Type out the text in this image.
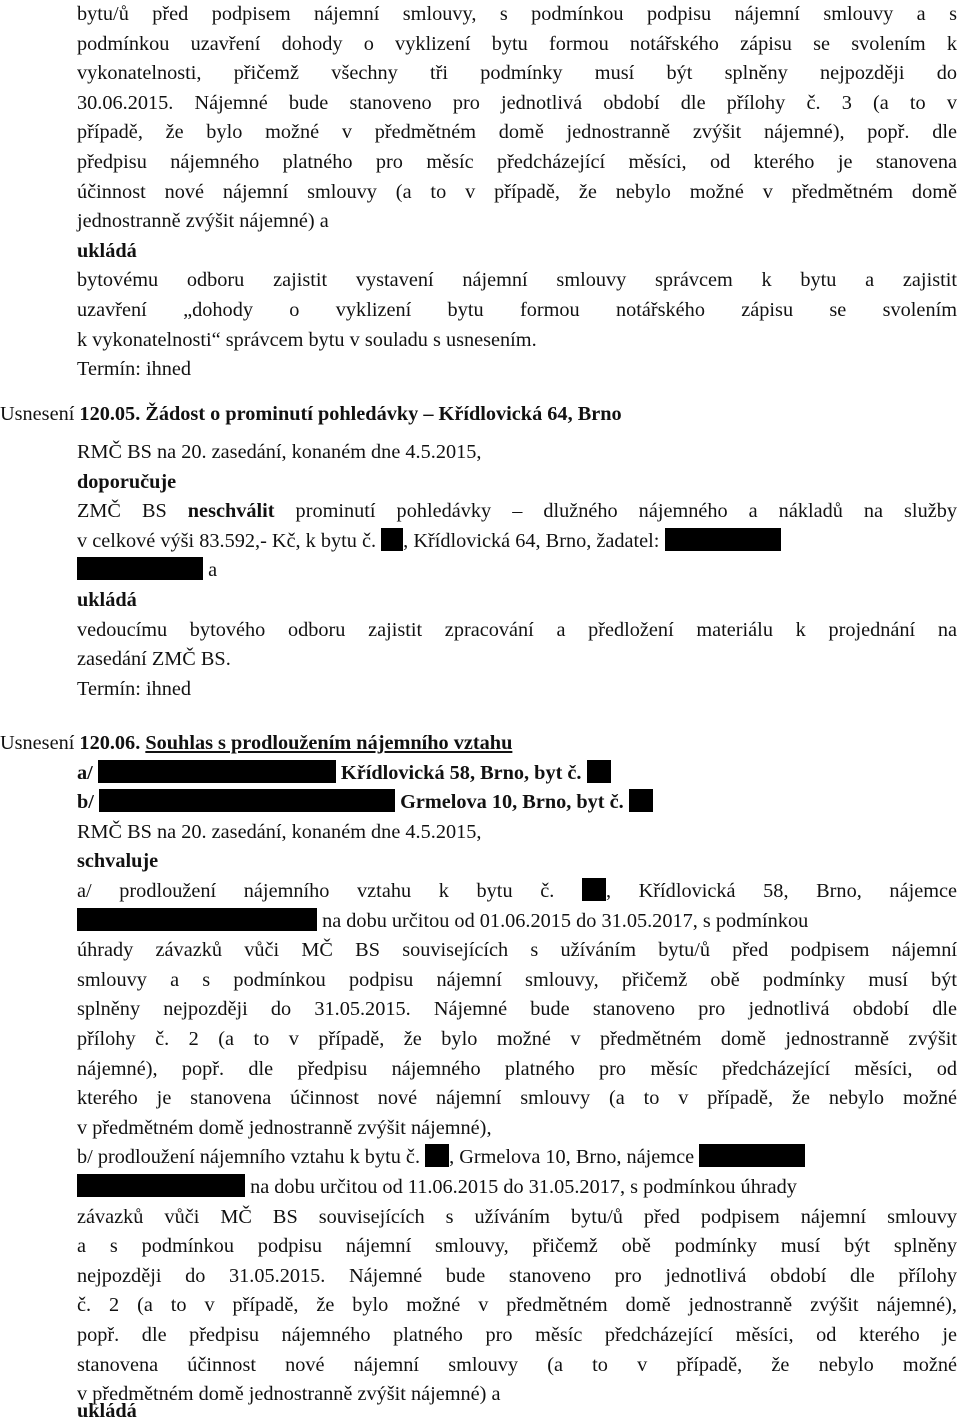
bytu/ů před podpisem nájemní smlouvy, s podmínkou podpisu nájemní smlouvy a s
podmínkou uzavření dohody o vyklizení bytu formou notářského zápisu se svolením k
vykonatelnosti, přičemž všechny tři podmínky musí být splněny nejpozději do
30.06.2015. Nájemné bude stanoveno pro jednotlivá období dle přílohy č. 3 (a to v
případě, že bylo možné v předmětném domě jednostranně zvýšit nájemné), popř. dle
předpisu nájemného platného pro měsíc předcházející měsíci, od kterého je stanovena
účinnost nové nájemní smlouvy (a to v případě, že nebylo možné v předmětném domě
jednostranně zvýšit nájemné) a
ukládá
bytovému odboru zajistit vystavení nájemní smlouvy správcem k bytu a zajistit
uzavření „dohody o vyklizení bytu formou notářského zápisu se svolením
k vykonatelnosti“ správcem bytu v souladu s usnesením.
Termín: ihned
Usnesení 120.05. Žádost o prominutí pohledávky – Křídlovická 64, Brno
RMČ BS na 20. zasedání, konaném dne 4.5.2015,
doporučuje
ZMČ BS neschválit prominutí pohledávky – dlužného nájemného a nákladů na služby
v celkové výši 83.592,- Kč, k bytu č. , Křídlovická 64, Brno, žadatel:
a
ukládá
vedoucímu bytového odboru zajistit zpracování a předložení materiálu k projednání na
zasedání ZMČ BS.
Termín: ihned
Usnesení 120.06. Souhlas s prodloužením nájemního vztahu
a/	Křídlovická 58, Brno, byt č.
b/	Grmelova 10, Brno, byt č.
RMČ BS na 20. zasedání, konaném dne 4.5.2015,
schvaluje
a/ prodloužení nájemního vztahu k bytu č. , Křídlovická 58, Brno, nájemce
na dobu určitou od 01.06.2015 do 31.05.2017, s podmínkou
úhrady závazků vůči MČ BS souvisejících s užíváním bytu/ů před podpisem nájemní
smlouvy a s podmínkou podpisu nájemní smlouvy, přičemž obě podmínky musí být
splněny nejpozději do 31.05.2015. Nájemné bude stanoveno pro jednotlivá období dle
přílohy č. 2 (a to v případě, že bylo možné v předmětném domě jednostranně zvýšit
nájemné), popř. dle předpisu nájemného platného pro měsíc předcházející měsíci, od
kterého je stanovena účinnost nové nájemní smlouvy (a to v případě, že nebylo možné
v předmětném domě jednostranně zvýšit nájemné),
b/ prodloužení nájemního vztahu k bytu č. , Grmelova 10, Brno, nájemce
na dobu určitou od 11.06.2015 do 31.05.2017, s podmínkou úhrady
závazků vůči MČ BS souvisejících s užíváním bytu/ů před podpisem nájemní smlouvy
a s podmínkou podpisu nájemní smlouvy, přičemž obě podmínky musí být splněny
nejpozději do 31.05.2015. Nájemné bude stanoveno pro jednotlivá období dle přílohy
č. 2 (a to v případě, že bylo možné v předmětném domě jednostranně zvýšit nájemné),
popř. dle předpisu nájemného platného pro měsíc předcházející měsíci, od kterého je
stanovena účinnost nové nájemní smlouvy (a to v případě, že nebylo možné
v předmětném domě jednostranně zvýšit nájemné) a
ukládá
